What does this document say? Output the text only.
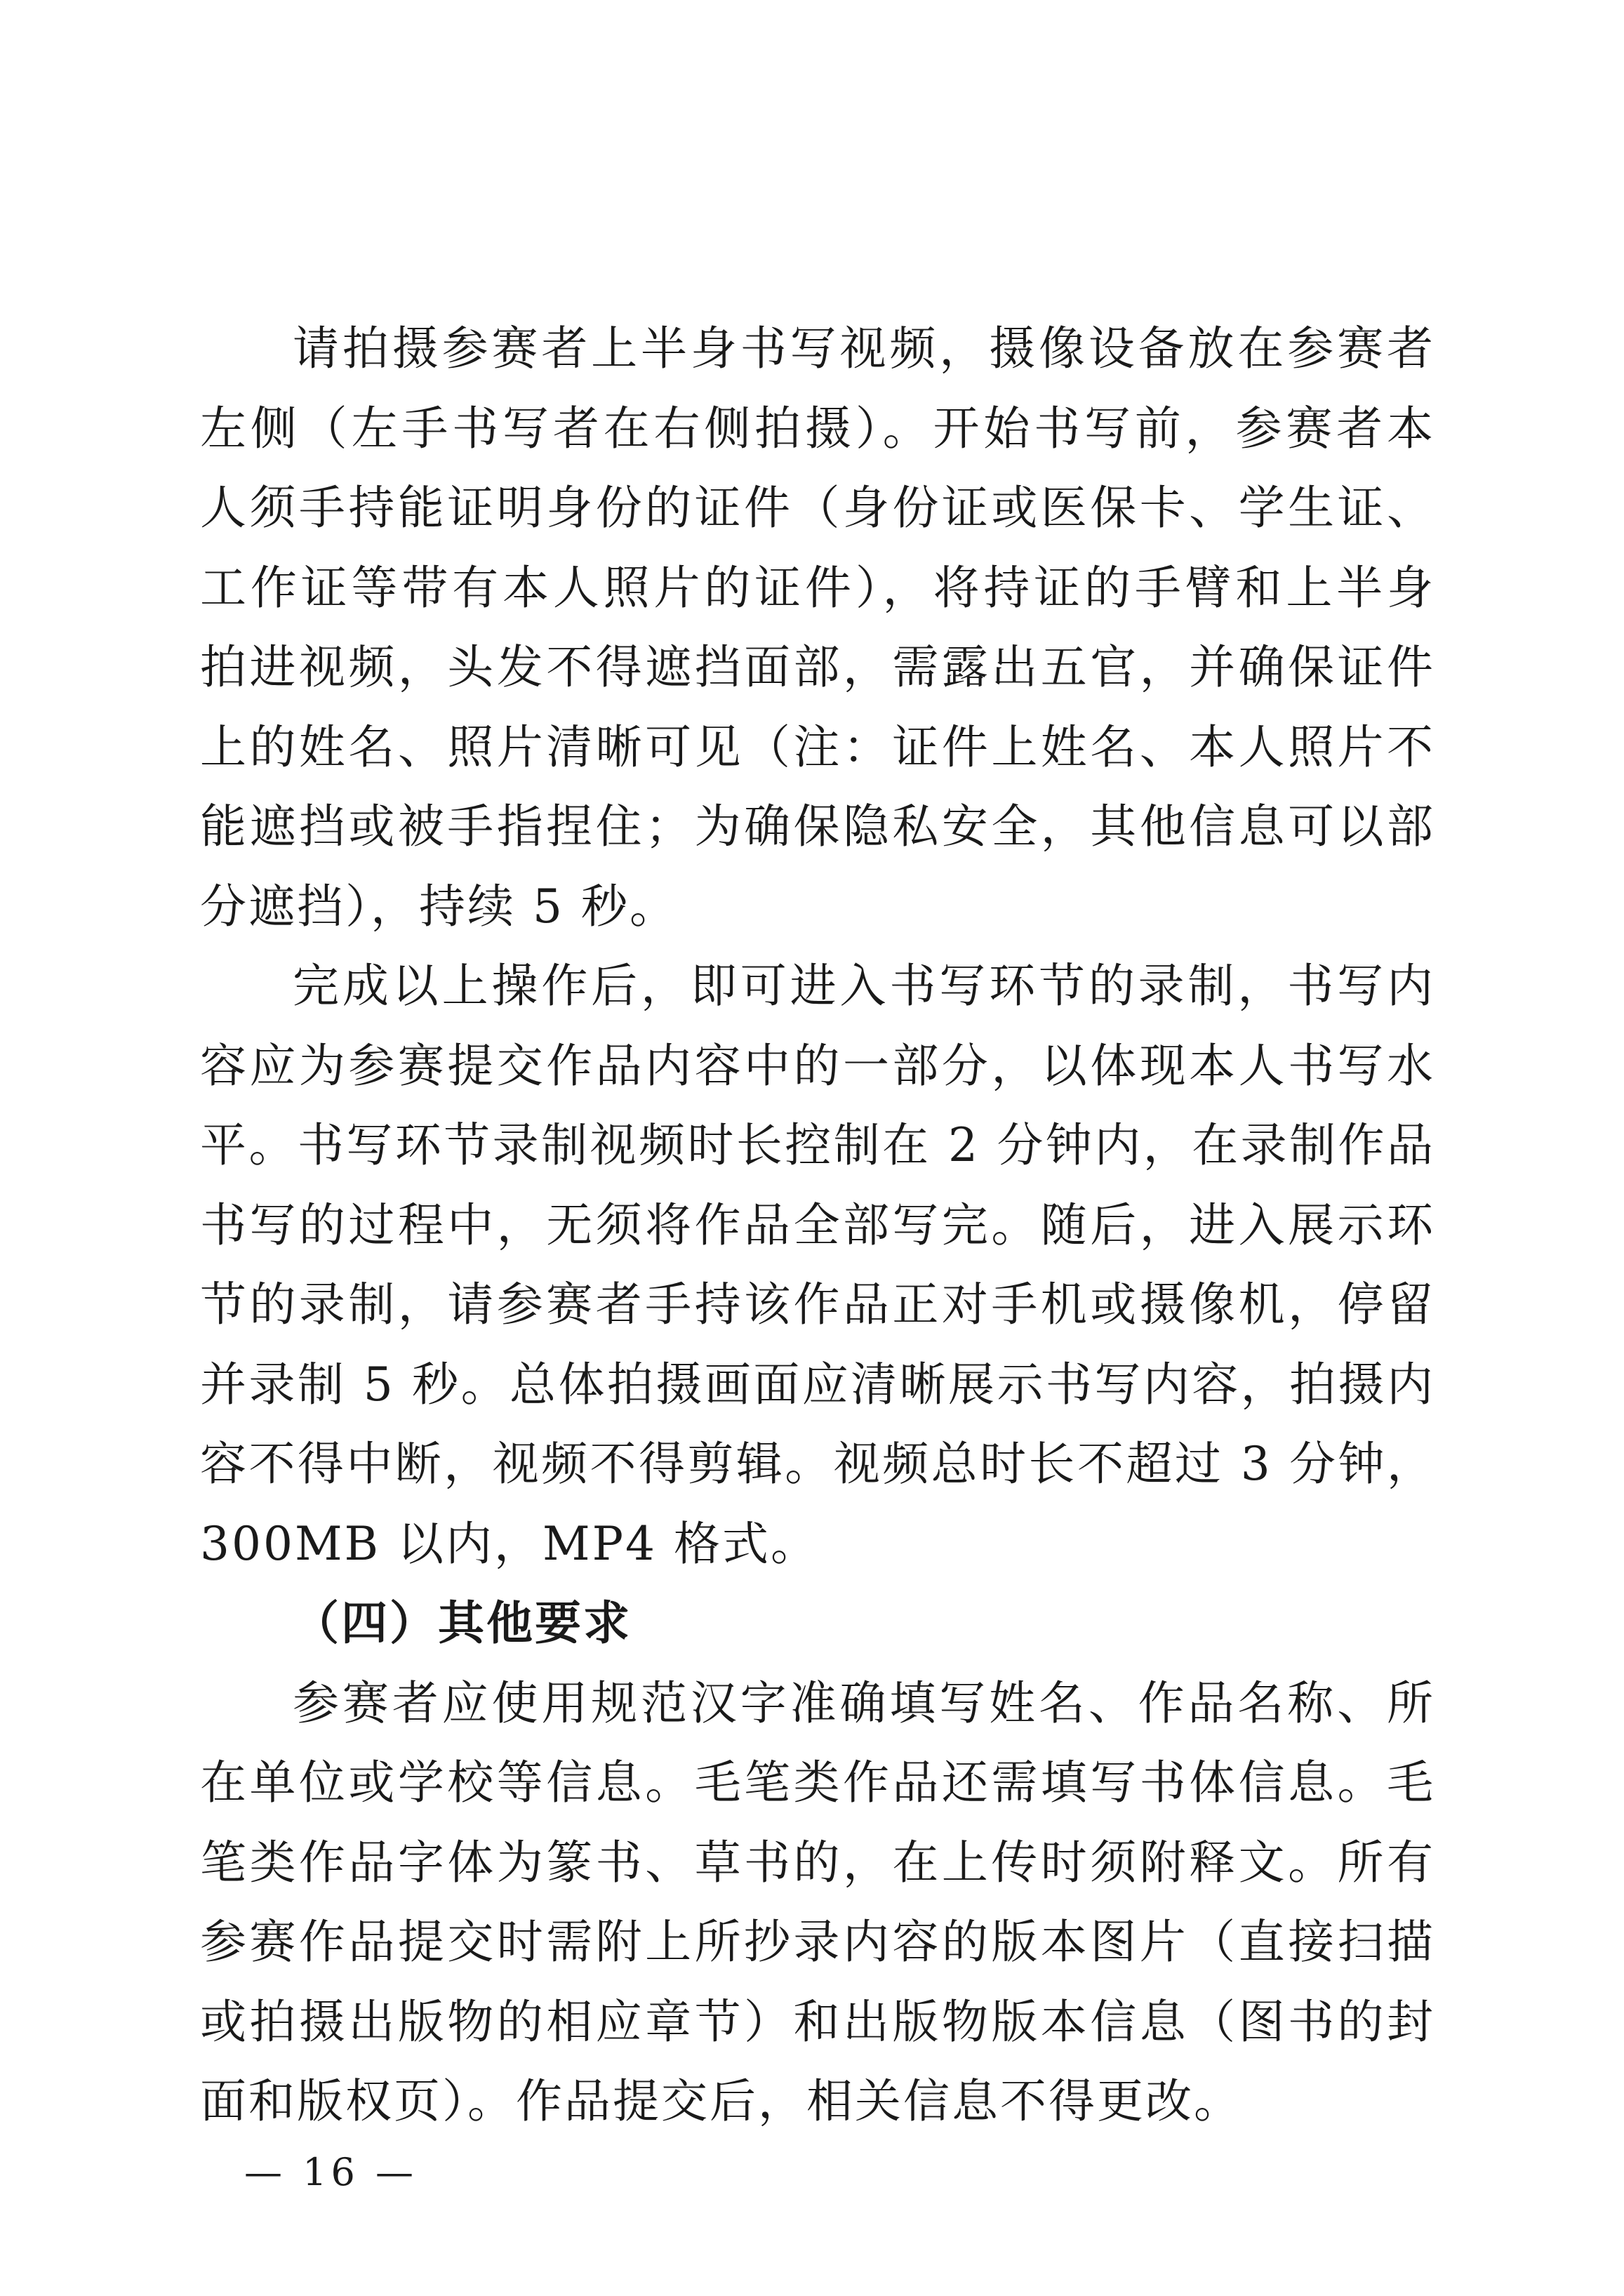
请拍摄参赛者上半身书写视频，摄像设备放在参赛者左侧（左手书写者在右侧拍摄）。开始书写前，参赛者本人须手持能证明身份的证件（身份证或医保卡、学生证、工作证等带有本人照片的证件），将持证的手臂和上半身拍进视频，头发不得遮挡面部，需露出五官，并确保证件上的姓名、照片清晰可见（注：证件上姓名、本人照片不能遮挡或被手指捏住；为确保隐私安全，其他信息可以部分遮挡），持续 5 秒。

完成以上操作后，即可进入书写环节的录制，书写内容应为参赛提交作品内容中的一部分，以体现本人书写水平。书写环节录制视频时长控制在 2 分钟内，在录制作品书写的过程中，无须将作品全部写完。随后，进入展示环节的录制，请参赛者手持该作品正对手机或摄像机，停留并录制 5 秒。总体拍摄画面应清晰展示书写内容，拍摄内容不得中断，视频不得剪辑。视频总时长不超过 3 分钟，300MB 以内，MP4 格式。

（四）其他要求

参赛者应使用规范汉字准确填写姓名、作品名称、所在单位或学校等信息。毛笔类作品还需填写书体信息。毛笔类作品字体为篆书、草书的，在上传时须附释文。所有参赛作品提交时需附上所抄录内容的版本图片（直接扫描或拍摄出版物的相应章节）和出版物版本信息（图书的封面和版权页）。作品提交后，相关信息不得更改。

— 16 —
